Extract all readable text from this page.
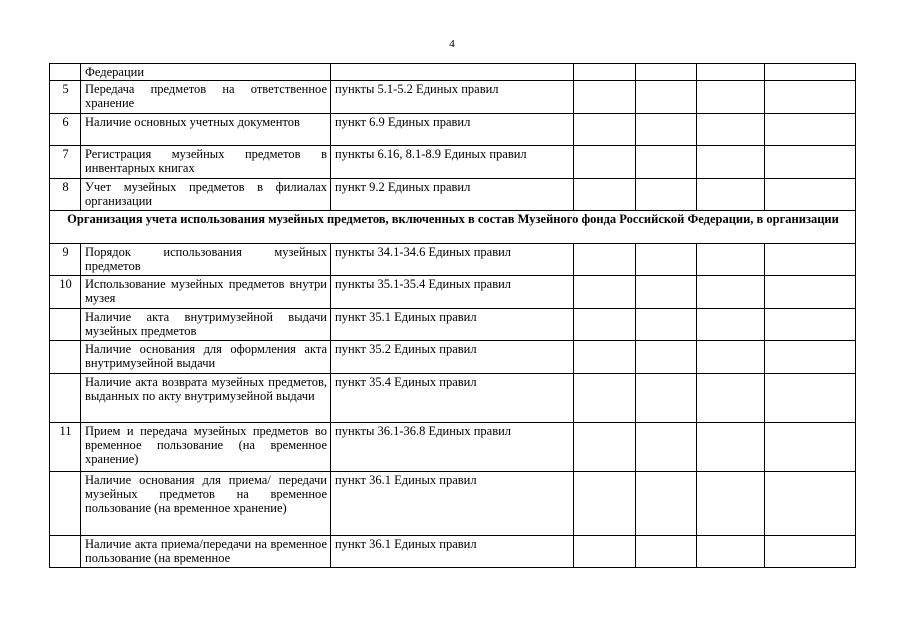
4
	Федерации					
5	Передача предметов на ответственное хранение	пункты 5.1-5.2 Единых правил				
6	Наличие основных учетных документов	пункт 6.9 Единых правил				
7	Регистрация музейных предметов в инвентарных книгах	пункты 6.16, 8.1-8.9 Единых правил				
8	Учет музейных предметов в филиалах организации	пункт 9.2 Единых правил				
Организация учета использования музейных предметов, включенных в состав Музейного фонда Российской Федерации, в организации						
9	Порядок использования музейных предметов	пункты 34.1-34.6 Единых правил				
10	Использование музейных предметов внутри музея	пункты 35.1-35.4 Единых правил				
	Наличие акта внутримузейной выдачи музейных предметов	пункт 35.1 Единых правил				
	Наличие основания для оформления акта внутримузейной выдачи	пункт 35.2 Единых правил				
	Наличие акта возврата музейных предметов, выданных по акту внутримузейной выдачи	пункт 35.4 Единых правил				
11	Прием и передача музейных предметов во временное пользование (на временное хранение)	пункты 36.1-36.8 Единых правил				
	Наличие основания для приема/ передачи музейных предметов на временное пользование (на временное хранение)	пункт 36.1 Единых правил				
	Наличие акта приема/передачи на временное пользование (на временное	пункт 36.1 Единых правил				
